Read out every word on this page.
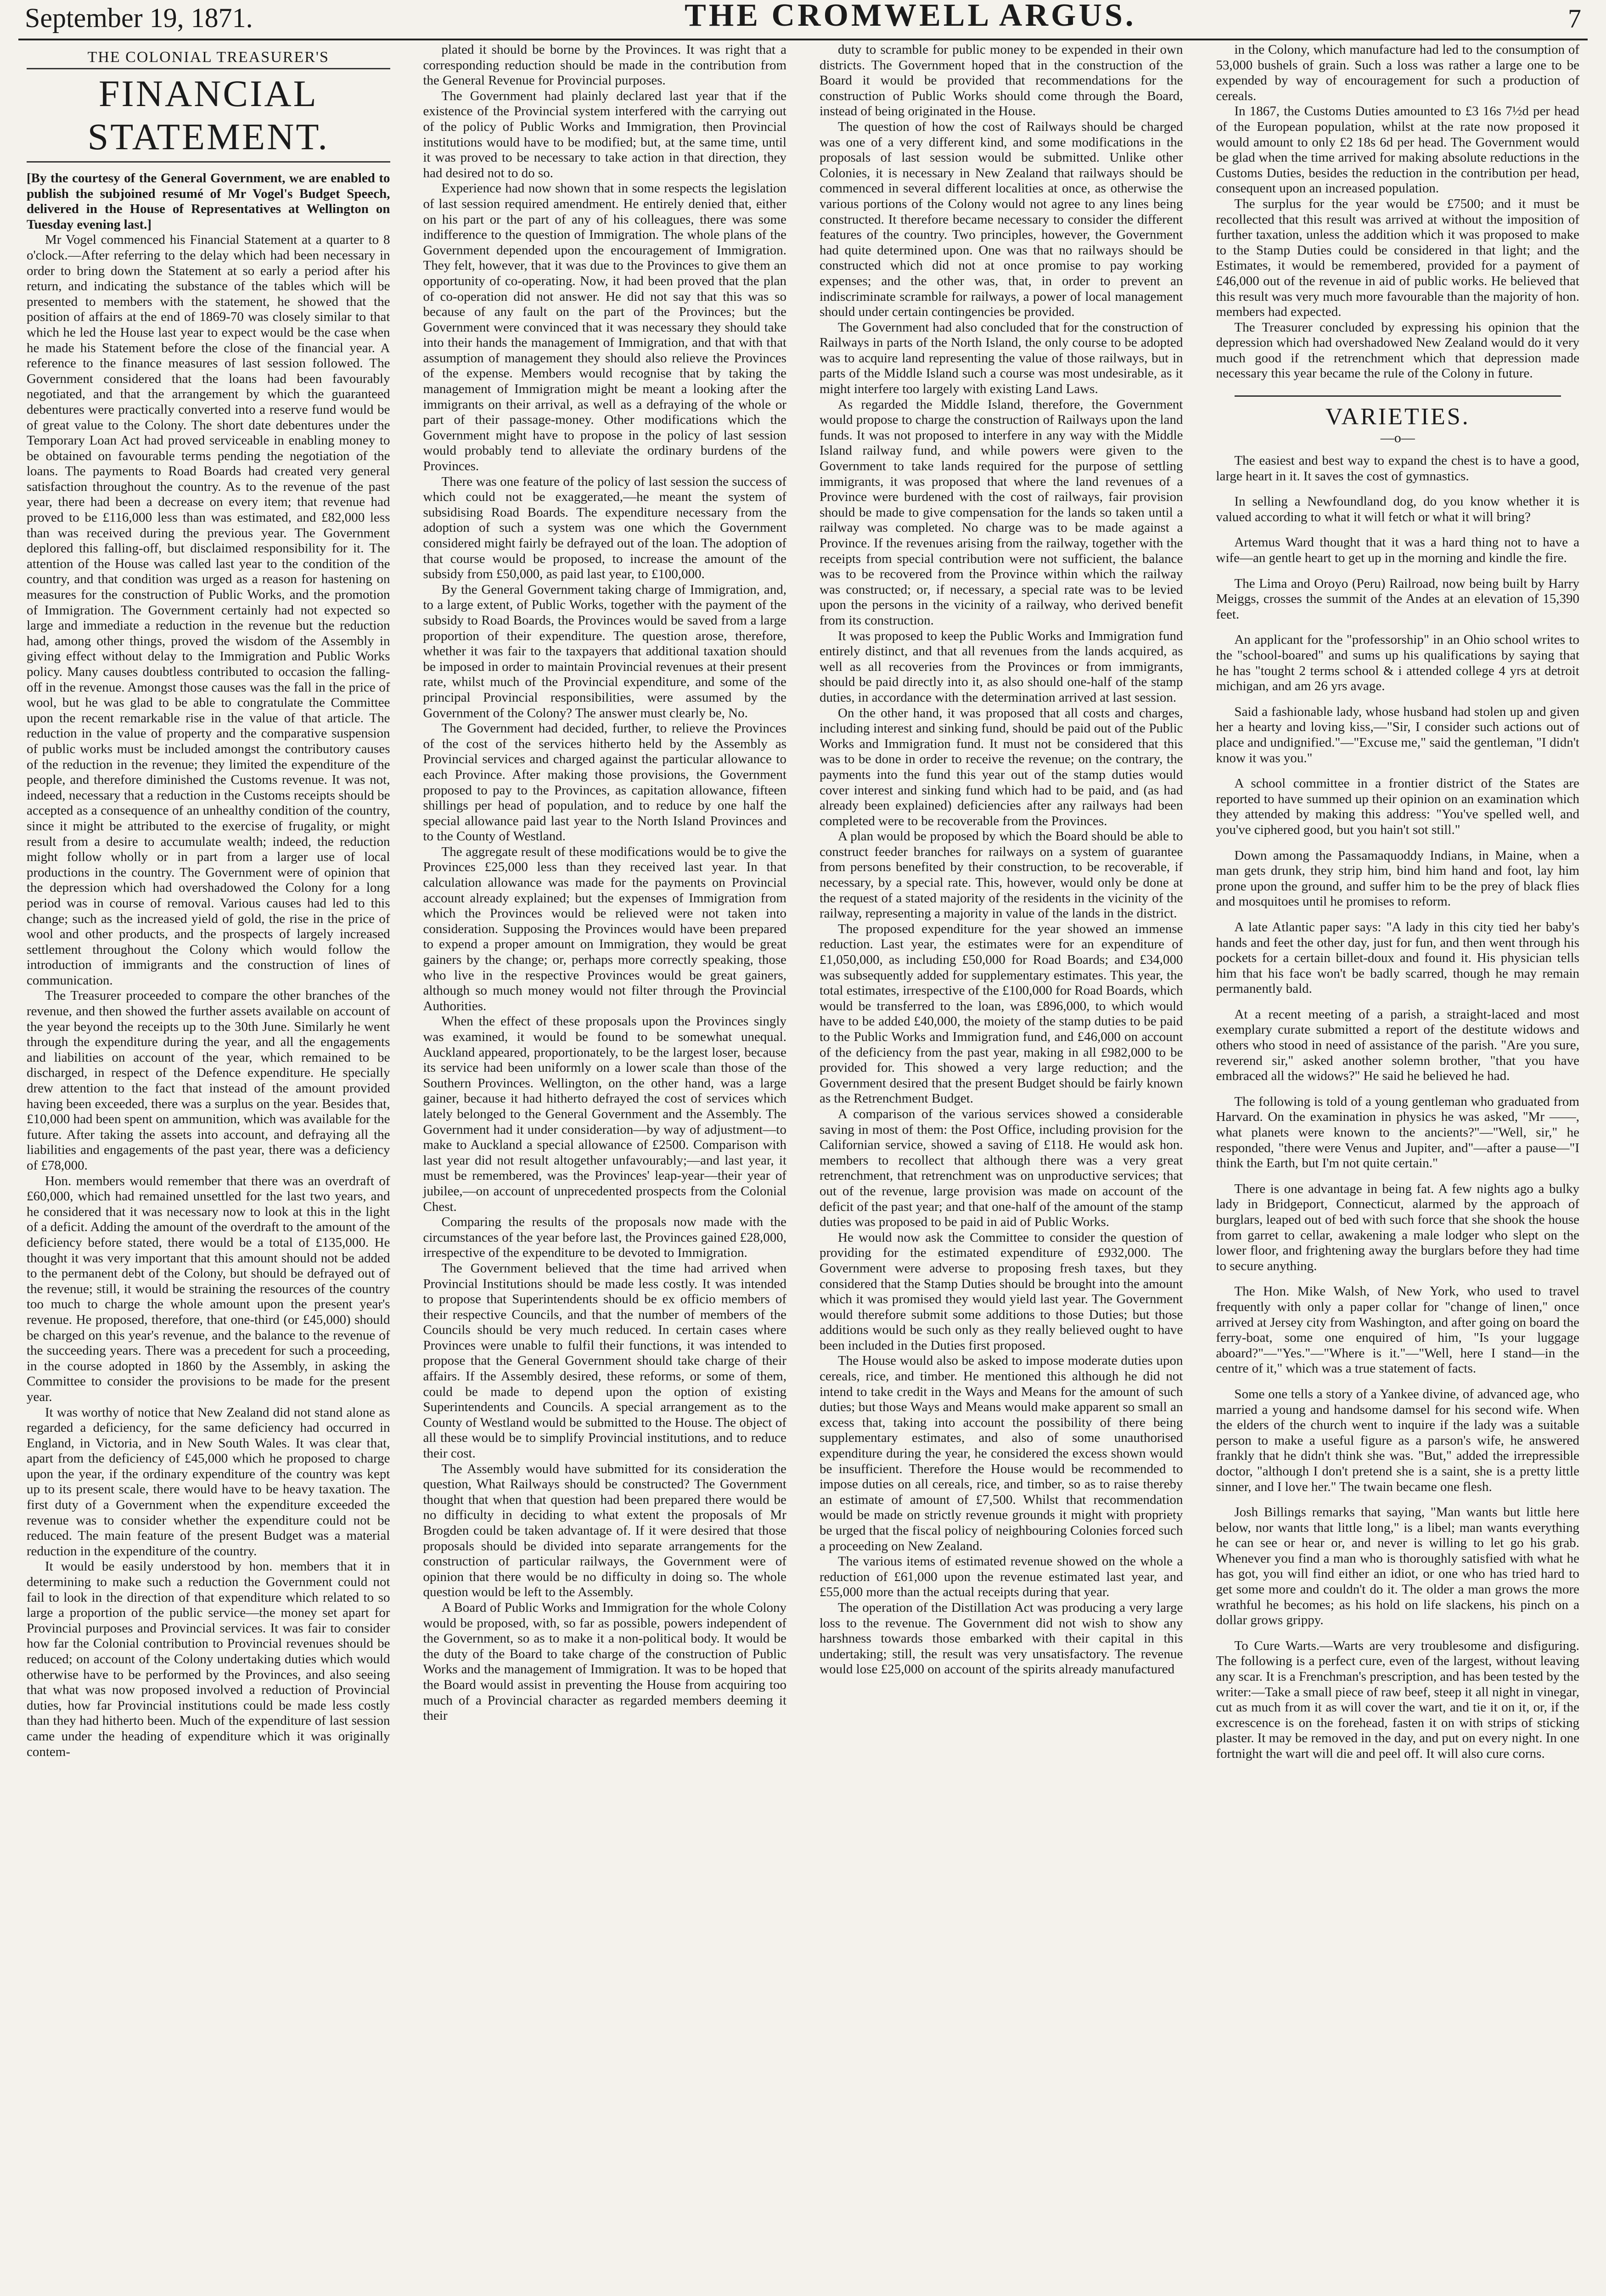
September 19, 1871.	THE CROMWELL ARGUS.	7
THE COLONIAL TREASURER'S
FINANCIAL STATEMENT.

[By the courtesy of the General Government, we are enabled to publish the subjoined resumé of Mr Vogel's Budget Speech, delivered in the House of Representatives at Wellington on Tuesday evening last.]

Mr Vogel commenced his Financial Statement at a quarter to 8 o'clock.—After referring to the delay which had been necessary in order to bring down the Statement at so early a period after his return, and indicating the substance of the tables which will be presented to members with the statement, he showed that the position of affairs at the end of 1869-70 was closely similar to that which he led the House last year to expect would be the case when he made his Statement before the close of the financial year. A reference to the finance measures of last session followed. The Government considered that the loans had been favourably negotiated, and that the arrangement by which the guaranteed debentures were practically converted into a reserve fund would be of great value to the Colony. The short date debentures under the Temporary Loan Act had proved serviceable in enabling money to be obtained on favourable terms pending the negotiation of the loans. The payments to Road Boards had created very general satisfaction throughout the country. As to the revenue of the past year, there had been a decrease on every item; that revenue had proved to be £116,000 less than was estimated, and £82,000 less than was received during the previous year. The Government deplored this falling-off, but disclaimed responsibility for it. The attention of the House was called last year to the condition of the country, and that condition was urged as a reason for hastening on measures for the construction of Public Works, and the promotion of Immigration. The Government certainly had not expected so large and immediate a reduction in the revenue but the reduction had, among other things, proved the wisdom of the Assembly in giving effect without delay to the Immigration and Public Works policy. Many causes doubtless contributed to occasion the falling-off in the revenue. Amongst those causes was the fall in the price of wool, but he was glad to be able to congratulate the Committee upon the recent remarkable rise in the value of that article. The reduction in the value of property and the comparative suspension of public works must be included amongst the contributory causes of the reduction in the revenue; they limited the expenditure of the people, and therefore diminished the Customs revenue. It was not, indeed, necessary that a reduction in the Customs receipts should be accepted as a consequence of an unhealthy condition of the country, since it might be attributed to the exercise of frugality, or might result from a desire to accumulate wealth; indeed, the reduction might follow wholly or in part from a larger use of local productions in the country. The Government were of opinion that the depression which had overshadowed the Colony for a long period was in course of removal. Various causes had led to this change; such as the increased yield of gold, the rise in the price of wool and other products, and the prospects of largely increased settlement throughout the Colony which would follow the introduction of immigrants and the construction of lines of communication.

The Treasurer proceeded to compare the other branches of the revenue, and then showed the further assets available on account of the year beyond the receipts up to the 30th June. Similarly he went through the expenditure during the year, and all the engagements and liabilities on account of the year, which remained to be discharged, in respect of the Defence expenditure. He specially drew attention to the fact that instead of the amount provided having been exceeded, there was a surplus on the year. Besides that, £10,000 had been spent on ammunition, which was available for the future. After taking the assets into account, and defraying all the liabilities and engagements of the past year, there was a deficiency of £78,000.

Hon. members would remember that there was an overdraft of £60,000, which had remained unsettled for the last two years, and he considered that it was necessary now to look at this in the light of a deficit. Adding the amount of the overdraft to the amount of the deficiency before stated, there would be a total of £135,000. He thought it was very important that this amount should not be added to the permanent debt of the Colony, but should be defrayed out of the revenue; still, it would be straining the resources of the country too much to charge the whole amount upon the present year's revenue. He proposed, therefore, that one-third (or £45,000) should be charged on this year's revenue, and the balance to the revenue of the succeeding years. There was a precedent for such a proceeding, in the course adopted in 1860 by the Assembly, in asking the Committee to consider the provisions to be made for the present year.

It was worthy of notice that New Zealand did not stand alone as regarded a deficiency, for the same deficiency had occurred in England, in Victoria, and in New South Wales. It was clear that, apart from the deficiency of £45,000 which he proposed to charge upon the year, if the ordinary expenditure of the country was kept up to its present scale, there would have to be heavy taxation. The first duty of a Government when the expenditure exceeded the revenue was to consider whether the expenditure could not be reduced. The main feature of the present Budget was a material reduction in the expenditure of the country.

It would be easily understood by hon. members that it in determining to make such a reduction the Government could not fail to look in the direction of that expenditure which related to so large a proportion of the public service—the money set apart for Provincial purposes and Provincial services. It was fair to consider how far the Colonial contribution to Provincial revenues should be reduced; on account of the Colony undertaking duties which would otherwise have to be performed by the Provinces, and also seeing that what was now proposed involved a reduction of Provincial duties, how far Provincial institutions could be made less costly than they had hitherto been. Much of the expenditure of last session came under the heading of expenditure which it was originally contem-

plated it should be borne by the Provinces. It was right that a corresponding reduction should be made in the contribution from the General Revenue for Provincial purposes.

The Government had plainly declared last year that if the existence of the Provincial system interfered with the carrying out of the policy of Public Works and Immigration, then Provincial institutions would have to be modified; but, at the same time, until it was proved to be necessary to take action in that direction, they had desired not to do so.

Experience had now shown that in some respects the legislation of last session required amendment. He entirely denied that, either on his part or the part of any of his colleagues, there was some indifference to the question of Immigration. The whole plans of the Government depended upon the encouragement of Immigration. They felt, however, that it was due to the Provinces to give them an opportunity of co-operating. Now, it had been proved that the plan of co-operation did not answer. He did not say that this was so because of any fault on the part of the Provinces; but the Government were convinced that it was necessary they should take into their hands the management of Immigration, and that with that assumption of management they should also relieve the Provinces of the expense. Members would recognise that by taking the management of Immigration might be meant a looking after the immigrants on their arrival, as well as a defraying of the whole or part of their passage-money. Other modifications which the Government might have to propose in the policy of last session would probably tend to alleviate the ordinary burdens of the Provinces.

There was one feature of the policy of last session the success of which could not be exaggerated,—he meant the system of subsidising Road Boards. The expenditure necessary from the adoption of such a system was one which the Government considered might fairly be defrayed out of the loan. The adoption of that course would be proposed, to increase the amount of the subsidy from £50,000, as paid last year, to £100,000.

By the General Government taking charge of Immigration, and, to a large extent, of Public Works, together with the payment of the subsidy to Road Boards, the Provinces would be saved from a large proportion of their expenditure. The question arose, therefore, whether it was fair to the taxpayers that additional taxation should be imposed in order to maintain Provincial revenues at their present rate, whilst much of the Provincial expenditure, and some of the principal Provincial responsibilities, were assumed by the Government of the Colony? The answer must clearly be, No.

The Government had decided, further, to relieve the Provinces of the cost of the services hitherto held by the Assembly as Provincial services and charged against the particular allowance to each Province. After making those provisions, the Government proposed to pay to the Provinces, as capitation allowance, fifteen shillings per head of population, and to reduce by one half the special allowance paid last year to the North Island Provinces and to the County of Westland.

The aggregate result of these modifications would be to give the Provinces £25,000 less than they received last year. In that calculation allowance was made for the payments on Provincial account already explained; but the expenses of Immigration from which the Provinces would be relieved were not taken into consideration. Supposing the Provinces would have been prepared to expend a proper amount on Immigration, they would be great gainers by the change; or, perhaps more correctly speaking, those who live in the respective Provinces would be great gainers, although so much money would not filter through the Provincial Authorities.

When the effect of these proposals upon the Provinces singly was examined, it would be found to be somewhat unequal. Auckland appeared, proportionately, to be the largest loser, because its service had been uniformly on a lower scale than those of the Southern Provinces. Wellington, on the other hand, was a large gainer, because it had hitherto defrayed the cost of services which lately belonged to the General Government and the Assembly. The Government had it under consideration—by way of adjustment—to make to Auckland a special allowance of £2500. Comparison with last year did not result altogether unfavourably;—and last year, it must be remembered, was the Provinces' leap-year—their year of jubilee,—on account of unprecedented prospects from the Colonial Chest.

Comparing the results of the proposals now made with the circumstances of the year before last, the Provinces gained £28,000, irrespective of the expenditure to be devoted to Immigration.

The Government believed that the time had arrived when Provincial Institutions should be made less costly. It was intended to propose that Superintendents should be ex officio members of their respective Councils, and that the number of members of the Councils should be very much reduced. In certain cases where Provinces were unable to fulfil their functions, it was intended to propose that the General Government should take charge of their affairs. If the Assembly desired, these reforms, or some of them, could be made to depend upon the option of existing Superintendents and Councils. A special arrangement as to the County of Westland would be submitted to the House. The object of all these would be to simplify Provincial institutions, and to reduce their cost.

The Assembly would have submitted for its consideration the question, What Railways should be constructed? The Government thought that when that question had been prepared there would be no difficulty in deciding to what extent the proposals of Mr Brogden could be taken advantage of. If it were desired that those proposals should be divided into separate arrangements for the construction of particular railways, the Government were of opinion that there would be no difficulty in doing so. The whole question would be left to the Assembly.

A Board of Public Works and Immigration for the whole Colony would be proposed, with, so far as possible, powers independent of the Government, so as to make it a non-political body. It would be the duty of the Board to take charge of the construction of Public Works and the management of Immigration. It was to be hoped that the Board would assist in preventing the House from acquiring too much of a Provincial character as regarded members deeming it their

duty to scramble for public money to be expended in their own districts. The Government hoped that in the construction of the Board it would be provided that recommendations for the construction of Public Works should come through the Board, instead of being originated in the House.

The question of how the cost of Railways should be charged was one of a very different kind, and some modifications in the proposals of last session would be submitted. Unlike other Colonies, it is necessary in New Zealand that railways should be commenced in several different localities at once, as otherwise the various portions of the Colony would not agree to any lines being constructed. It therefore became necessary to consider the different features of the country. Two principles, however, the Government had quite determined upon. One was that no railways should be constructed which did not at once promise to pay working expenses; and the other was, that, in order to prevent an indiscriminate scramble for railways, a power of local management should under certain contingencies be provided.

The Government had also concluded that for the construction of Railways in parts of the North Island, the only course to be adopted was to acquire land representing the value of those railways, but in parts of the Middle Island such a course was most undesirable, as it might interfere too largely with existing Land Laws.

As regarded the Middle Island, therefore, the Government would propose to charge the construction of Railways upon the land funds. It was not proposed to interfere in any way with the Middle Island railway fund, and while powers were given to the Government to take lands required for the purpose of settling immigrants, it was proposed that where the land revenues of a Province were burdened with the cost of railways, fair provision should be made to give compensation for the lands so taken until a railway was completed. No charge was to be made against a Province. If the revenues arising from the railway, together with the receipts from special contribution were not sufficient, the balance was to be recovered from the Province within which the railway was constructed; or, if necessary, a special rate was to be levied upon the persons in the vicinity of a railway, who derived benefit from its construction.

It was proposed to keep the Public Works and Immigration fund entirely distinct, and that all revenues from the lands acquired, as well as all recoveries from the Provinces or from immigrants, should be paid directly into it, as also should one-half of the stamp duties, in accordance with the determination arrived at last session.

On the other hand, it was proposed that all costs and charges, including interest and sinking fund, should be paid out of the Public Works and Immigration fund. It must not be considered that this was to be done in order to receive the revenue; on the contrary, the payments into the fund this year out of the stamp duties would cover interest and sinking fund which had to be paid, and (as had already been explained) deficiencies after any railways had been completed were to be recoverable from the Provinces.

A plan would be proposed by which the Board should be able to construct feeder branches for railways on a system of guarantee from persons benefited by their construction, to be recoverable, if necessary, by a special rate. This, however, would only be done at the request of a stated majority of the residents in the vicinity of the railway, representing a majority in value of the lands in the district.

The proposed expenditure for the year showed an immense reduction. Last year, the estimates were for an expenditure of £1,050,000, as including £50,000 for Road Boards; and £34,000 was subsequently added for supplementary estimates. This year, the total estimates, irrespective of the £100,000 for Road Boards, which would be transferred to the loan, was £896,000, to which would have to be added £40,000, the moiety of the stamp duties to be paid to the Public Works and Immigration fund, and £46,000 on account of the deficiency from the past year, making in all £982,000 to be provided for. This showed a very large reduction; and the Government desired that the present Budget should be fairly known as the Retrenchment Budget.

A comparison of the various services showed a considerable saving in most of them: the Post Office, including provision for the Californian service, showed a saving of £118. He would ask hon. members to recollect that although there was a very great retrenchment, that retrenchment was on unproductive services; that out of the revenue, large provision was made on account of the deficit of the past year; and that one-half of the amount of the stamp duties was proposed to be paid in aid of Public Works.

He would now ask the Committee to consider the question of providing for the estimated expenditure of £932,000. The Government were adverse to proposing fresh taxes, but they considered that the Stamp Duties should be brought into the amount which it was promised they would yield last year. The Government would therefore submit some additions to those Duties; but those additions would be such only as they really believed ought to have been included in the Duties first proposed.

The House would also be asked to impose moderate duties upon cereals, rice, and timber. He mentioned this although he did not intend to take credit in the Ways and Means for the amount of such duties; but those Ways and Means would make apparent so small an excess that, taking into account the possibility of there being supplementary estimates, and also of some unauthorised expenditure during the year, he considered the excess shown would be insufficient. Therefore the House would be recommended to impose duties on all cereals, rice, and timber, so as to raise thereby an estimate of amount of £7,500. Whilst that recommendation would be made on strictly revenue grounds it might with propriety be urged that the fiscal policy of neighbouring Colonies forced such a proceeding on New Zealand.

The various items of estimated revenue showed on the whole a reduction of £61,000 upon the revenue estimated last year, and £55,000 more than the actual receipts during that year.

The operation of the Distillation Act was producing a very large loss to the revenue. The Government did not wish to show any harshness towards those embarked with their capital in this undertaking; still, the result was very unsatisfactory. The revenue would lose £25,000 on account of the spirits already manufactured

in the Colony, which manufacture had led to the consumption of 53,000 bushels of grain. Such a loss was rather a large one to be expended by way of encouragement for such a production of cereals.

In 1867, the Customs Duties amounted to £3 16s 7½d per head of the European population, whilst at the rate now proposed it would amount to only £2 18s 6d per head. The Government would be glad when the time arrived for making absolute reductions in the Customs Duties, besides the reduction in the contribution per head, consequent upon an increased population.

The surplus for the year would be £7500; and it must be recollected that this result was arrived at without the imposition of further taxation, unless the addition which it was proposed to make to the Stamp Duties could be considered in that light; and the Estimates, it would be remembered, provided for a payment of £46,000 out of the revenue in aid of public works. He believed that this result was very much more favourable than the majority of hon. members had expected.

The Treasurer concluded by expressing his opinion that the depression which had overshadowed New Zealand would do it very much good if the retrenchment which that depression made necessary this year became the rule of the Colony in future.

VARIETIES.
—o—

The easiest and best way to expand the chest is to have a good, large heart in it. It saves the cost of gymnastics.

In selling a Newfoundland dog, do you know whether it is valued according to what it will fetch or what it will bring?

Artemus Ward thought that it was a hard thing not to have a wife—an gentle heart to get up in the morning and kindle the fire.

The Lima and Oroyo (Peru) Railroad, now being built by Harry Meiggs, crosses the summit of the Andes at an elevation of 15,390 feet.

An applicant for the "professorship" in an Ohio school writes to the "school-boared" and sums up his qualifications by saying that he has "tought 2 terms school & i attended college 4 yrs at detroit michigan, and am 26 yrs avage.

Said a fashionable lady, whose husband had stolen up and given her a hearty and loving kiss,—"Sir, I consider such actions out of place and undignified."—"Excuse me," said the gentleman, "I didn't know it was you."

A school committee in a frontier district of the States are reported to have summed up their opinion on an examination which they attended by making this address: "You've spelled well, and you've ciphered good, but you hain't sot still."

Down among the Passamaquoddy Indians, in Maine, when a man gets drunk, they strip him, bind him hand and foot, lay him prone upon the ground, and suffer him to be the prey of black flies and mosquitoes until he promises to reform.

A late Atlantic paper says: "A lady in this city tied her baby's hands and feet the other day, just for fun, and then went through his pockets for a certain billet-doux and found it. His physician tells him that his face won't be badly scarred, though he may remain permanently bald.

At a recent meeting of a parish, a straight-laced and most exemplary curate submitted a report of the destitute widows and others who stood in need of assistance of the parish. "Are you sure, reverend sir," asked another solemn brother, "that you have embraced all the widows?" He said he believed he had.

The following is told of a young gentleman who graduated from Harvard. On the examination in physics he was asked, "Mr ——, what planets were known to the ancients?"—"Well, sir," he responded, "there were Venus and Jupiter, and"—after a pause—"I think the Earth, but I'm not quite certain."

There is one advantage in being fat. A few nights ago a bulky lady in Bridgeport, Connecticut, alarmed by the approach of burglars, leaped out of bed with such force that she shook the house from garret to cellar, awakening a male lodger who slept on the lower floor, and frightening away the burglars before they had time to secure anything.

The Hon. Mike Walsh, of New York, who used to travel frequently with only a paper collar for "change of linen," once arrived at Jersey city from Washington, and after going on board the ferry-boat, some one enquired of him, "Is your luggage aboard?"—"Yes."—"Where is it."—"Well, here I stand—in the centre of it," which was a true statement of facts.

Some one tells a story of a Yankee divine, of advanced age, who married a young and handsome damsel for his second wife. When the elders of the church went to inquire if the lady was a suitable person to make a useful figure as a parson's wife, he answered frankly that he didn't think she was. "But," added the irrepressible doctor, "although I don't pretend she is a saint, she is a pretty little sinner, and I love her." The twain became one flesh.

Josh Billings remarks that saying, "Man wants but little here below, nor wants that little long," is a libel; man wants everything he can see or hear or, and never is willing to let go his grab. Whenever you find a man who is thoroughly satisfied with what he has got, you will find either an idiot, or one who has tried hard to get some more and couldn't do it. The older a man grows the more wrathful he becomes; as his hold on life slackens, his pinch on a dollar grows grippy.

To Cure Warts.—Warts are very troublesome and disfiguring. The following is a perfect cure, even of the largest, without leaving any scar. It is a Frenchman's prescription, and has been tested by the writer:—Take a small piece of raw beef, steep it all night in vinegar, cut as much from it as will cover the wart, and tie it on it, or, if the excrescence is on the forehead, fasten it on with strips of sticking plaster. It may be removed in the day, and put on every night. In one fortnight the wart will die and peel off. It will also cure corns.
